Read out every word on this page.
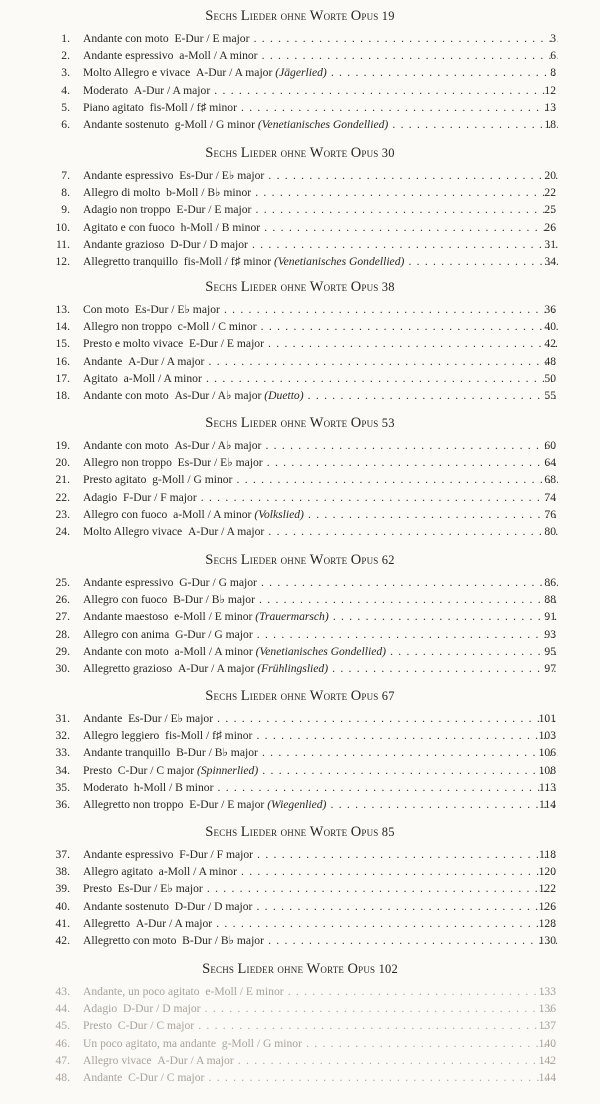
Sechs Lieder ohne Worte Opus 19
1. Andante con moto  E-Dur / E major . . .	3
2. Andante espressivo  a-Moll / A minor . . .	6
3. Molto Allegro e vivace  A-Dur / A major (Jägerlied) . . .	8
4. Moderato  A-Dur / A major . . .	12
5. Piano agitato  fis-Moll / f♯ minor . . .	13
6. Andante sostenuto  g-Moll / G minor (Venetianisches Gondellied) . . .	18
Sechs Lieder ohne Worte Opus 30
7. Andante espressivo  Es-Dur / E♭ major . . .	20
8. Allegro di molto  b-Moll / B♭ minor . . .	22
9. Adagio non troppo  E-Dur / E major . . .	25
10. Agitato e con fuoco  h-Moll / B minor . . .	26
11. Andante grazioso  D-Dur / D major . . .	31
12. Allegretto tranquillo  fis-Moll / f♯ minor (Venetianisches Gondellied) . . .	34
Sechs Lieder ohne Worte Opus 38
13. Con moto  Es-Dur / E♭ major . . .	36
14. Allegro non troppo  c-Moll / C minor . . .	40
15. Presto e molto vivace  E-Dur / E major . . .	42
16. Andante  A-Dur / A major . . .	48
17. Agitato  a-Moll / A minor . . .	50
18. Andante con moto  As-Dur / A♭ major (Duetto) . . .	55
Sechs Lieder ohne Worte Opus 53
19. Andante con moto  As-Dur / A♭ major . . .	60
20. Allegro non troppo  Es-Dur / E♭ major . . .	64
21. Presto agitato  g-Moll / G minor . . .	68
22. Adagio  F-Dur / F major . . .	74
23. Allegro con fuoco  a-Moll / A minor (Volkslied) . . .	76
24. Molto Allegro vivace  A-Dur / A major . . .	80
Sechs Lieder ohne Worte Opus 62
25. Andante espressivo  G-Dur / G major . . .	86
26. Allegro con fuoco  B-Dur / B♭ major . . .	88
27. Andante maestoso  e-Moll / E minor (Trauermarsch) . . .	91
28. Allegro con anima  G-Dur / G major . . .	93
29. Andante con moto  a-Moll / A minor (Venetianisches Gondellied) . . .	95
30. Allegretto grazioso  A-Dur / A major (Frühlingslied) . . .	97
Sechs Lieder ohne Worte Opus 67
31. Andante  Es-Dur / E♭ major . . .	101
32. Allegro leggiero  fis-Moll / f♯ minor . . .	103
33. Andante tranquillo  B-Dur / B♭ major . . .	106
34. Presto  C-Dur / C major (Spinnerlied) . . .	108
35. Moderato  h-Moll / B minor . . .	113
36. Allegretto non troppo  E-Dur / E major (Wiegenlied) . . .	114
Sechs Lieder ohne Worte Opus 85
37. Andante espressivo  F-Dur / F major . . .	118
38. Allegro agitato  a-Moll / A minor . . .	120
39. Presto  Es-Dur / E♭ major . . .	122
40. Andante sostenuto  D-Dur / D major . . .	126
41. Allegretto  A-Dur / A major . . .	128
42. Allegretto con moto  B-Dur / B♭ major . . .	130
Sechs Lieder ohne Worte Opus 102
43. Andante, un poco agitato  e-Moll / E minor . . .	133
44. Adagio  D-Dur / D major . . .	136
45. Presto  C-Dur / C major . . .	137
46. Un poco agitato, ma andante  g-Moll / G minor . . .	140
47. Allegro vivace  A-Dur / A major . . .	142
48. Andante  C-Dur / C major . . .	144
